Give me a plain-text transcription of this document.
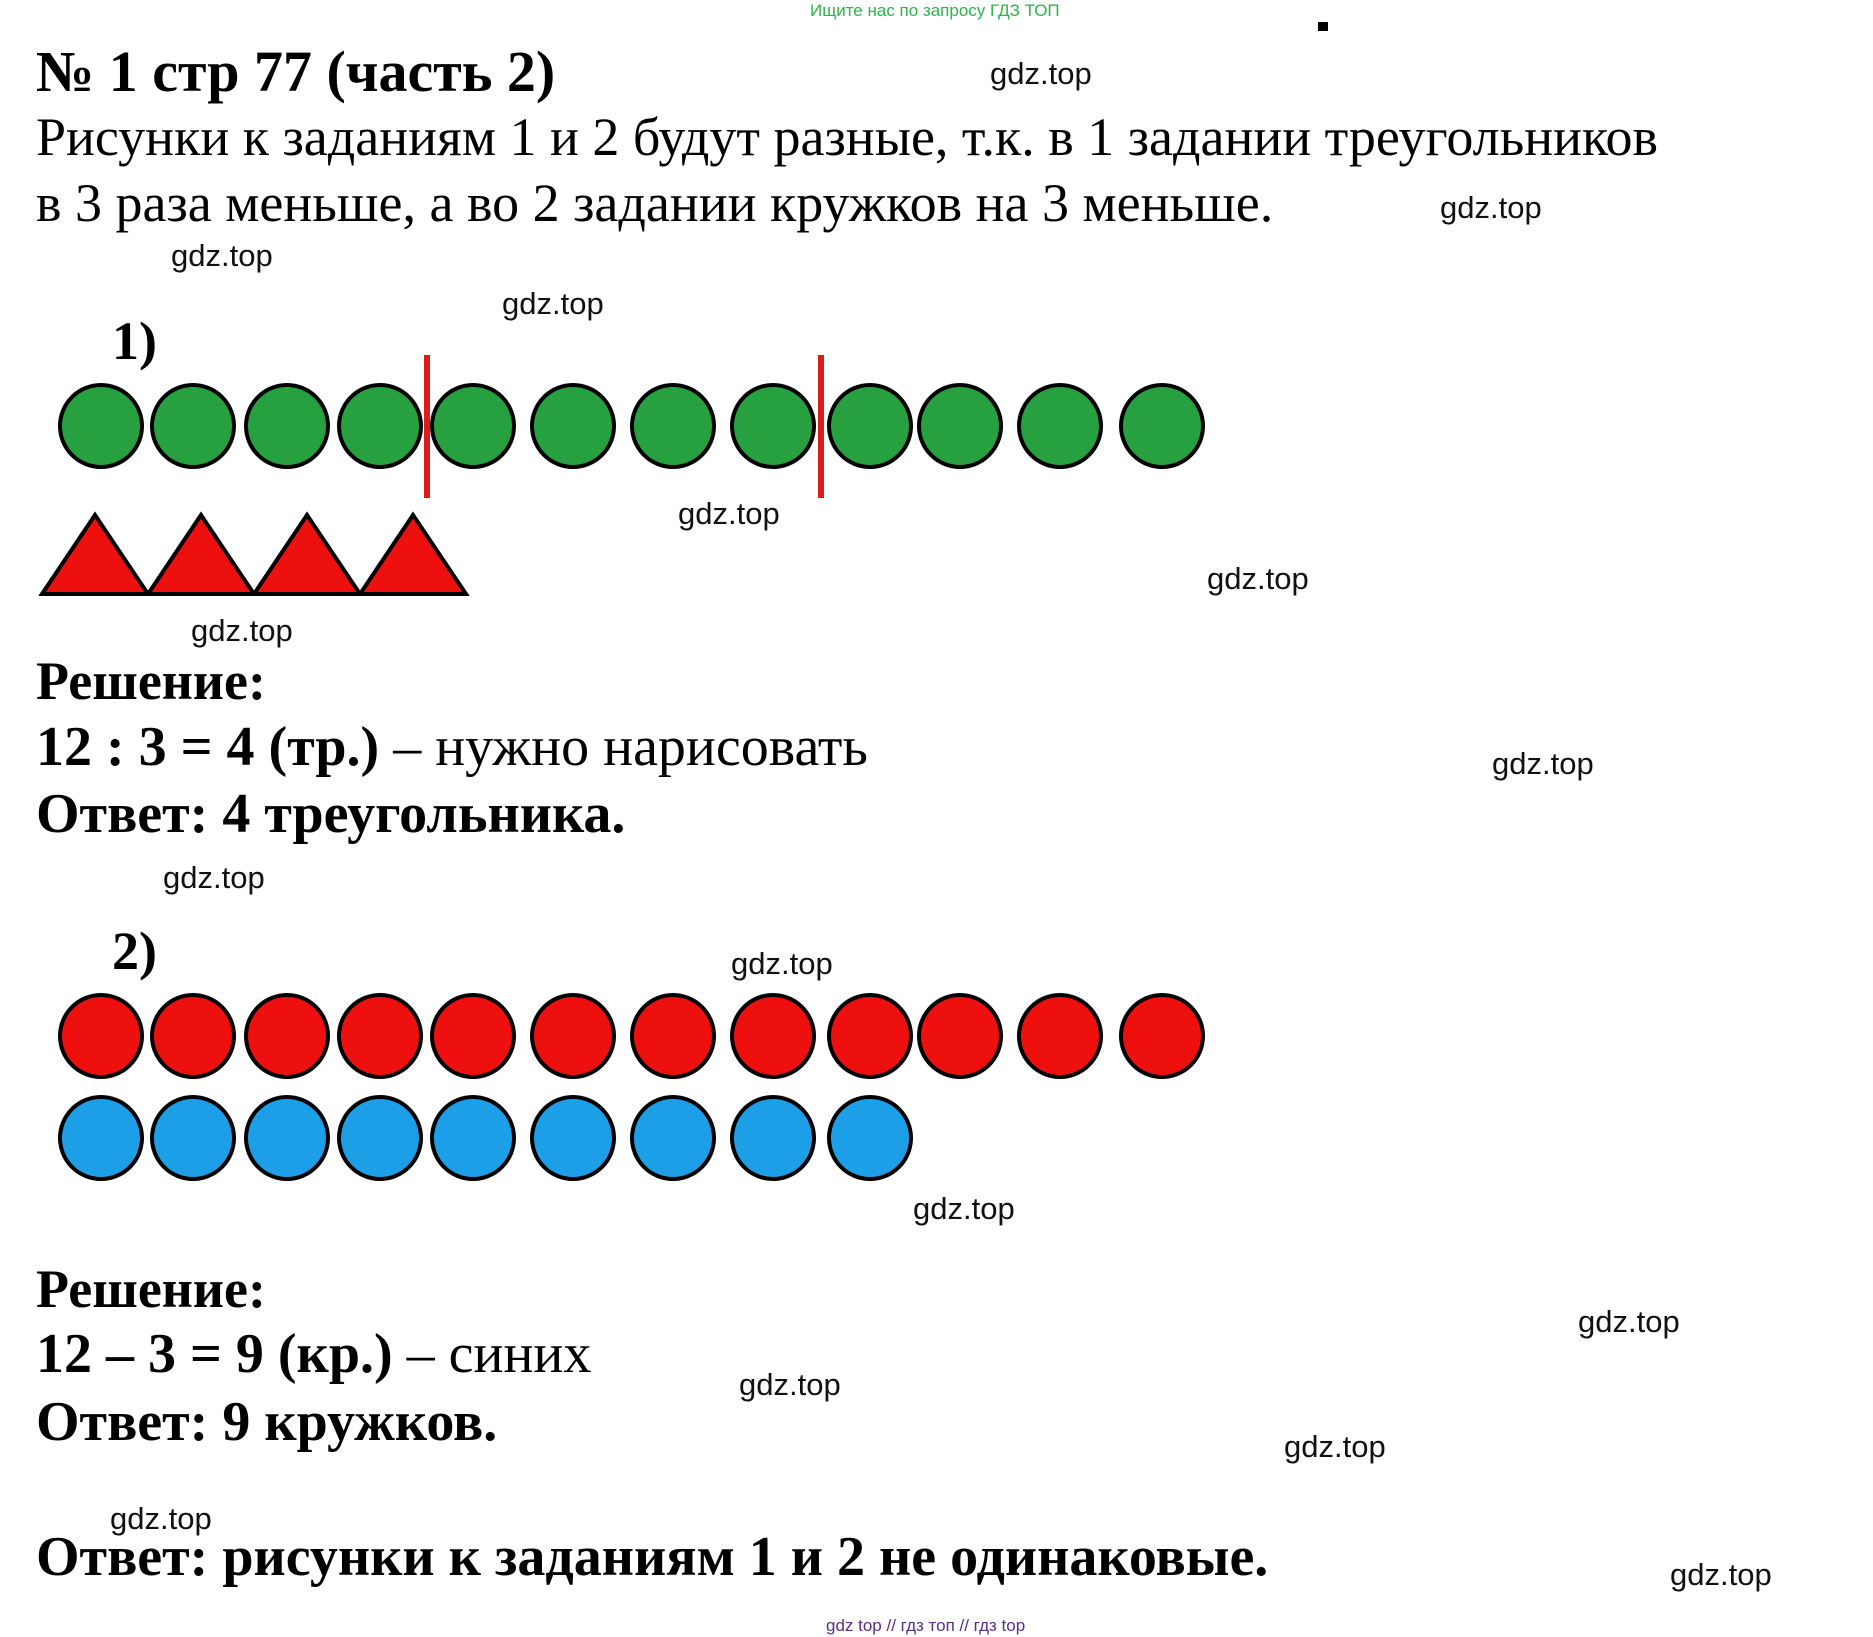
Ищите нас по запросу ГДЗ ТОП
№ 1 стр 77 (часть 2)
Рисунки к заданиям 1 и 2 будут разные, т.к. в 1 задании треугольников
в 3 раза меньше, а во 2 задании кружков на 3 меньше.
1)
Решение:
12 : 3 = 4 (тр.) – нужно нарисовать
Ответ: 4 треугольника.
2)
Решение:
12 – 3 = 9 (кр.) – синих
Ответ: 9 кружков.
Ответ: рисунки к заданиям 1 и 2 не одинаковые.
gdz.top
gdz.top
gdz.top
gdz.top
gdz.top
gdz.top
gdz.top
gdz.top
gdz.top
gdz.top
gdz.top
gdz.top
gdz.top
gdz.top
gdz.top
gdz.top
gdz top // гдз топ // гдз top
